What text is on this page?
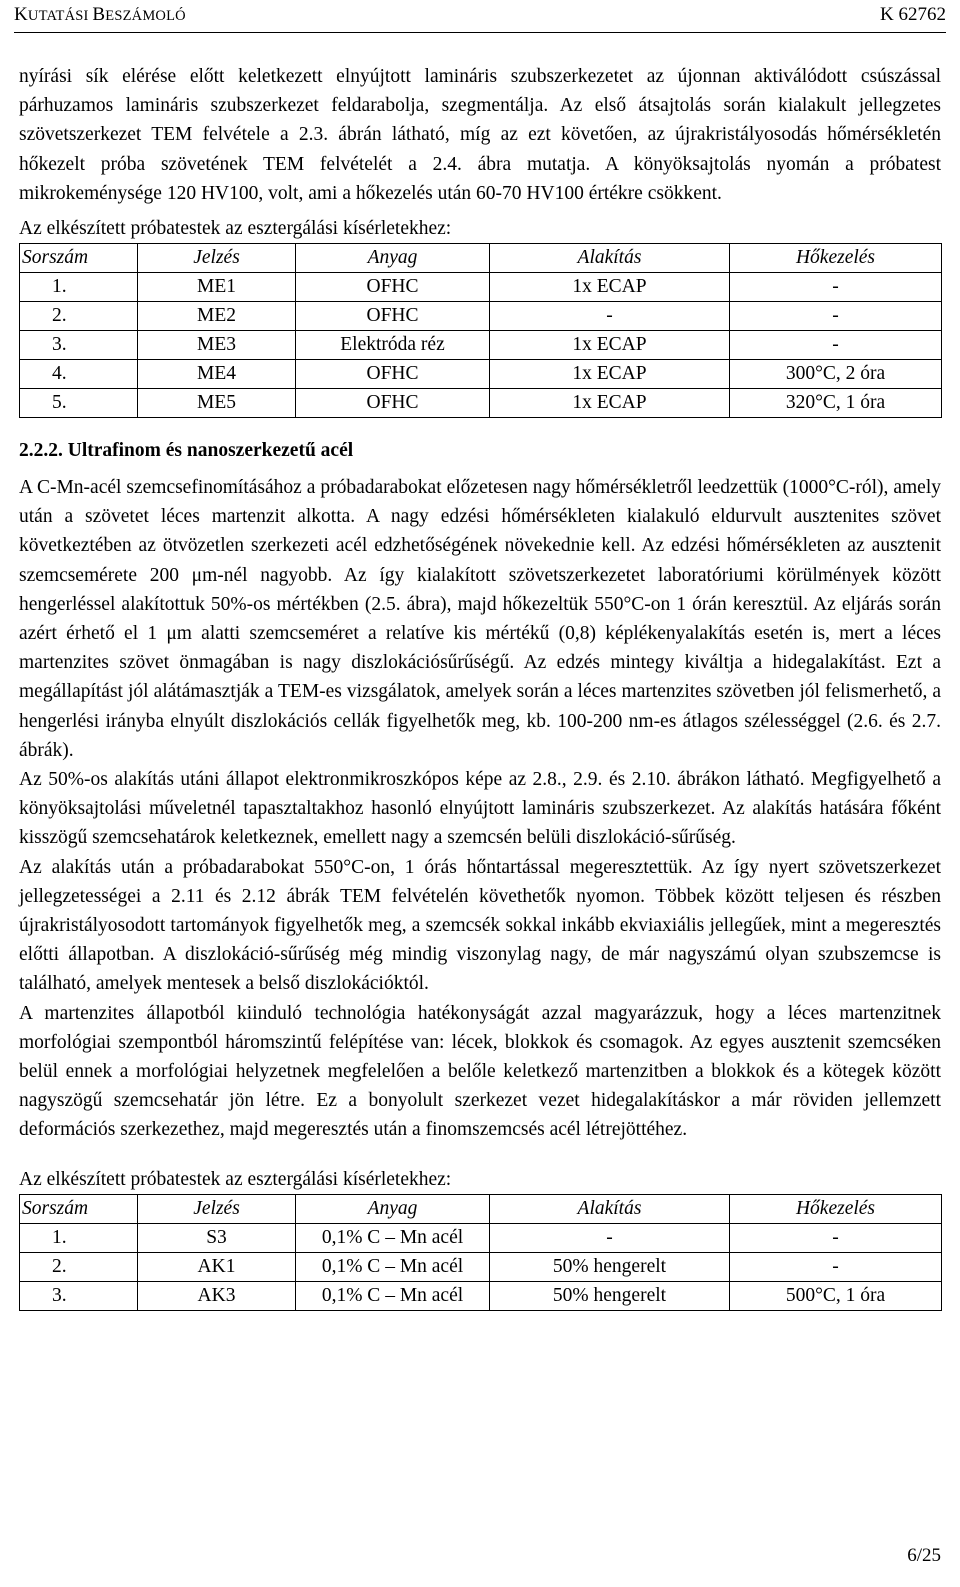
KUTATÁSI BESZÁMOLÓ	K 62762

nyírási sík elérése előtt keletkezett elnyújtott lamináris szubszerkezetet az újonnan aktiválódott csúszással párhuzamos lamináris szubszerkezet feldarabolja, szegmentálja. Az első átsajtolás során kialakult jellegzetes szövetszerkezet TEM felvétele a 2.3. ábrán látható, míg az ezt követően, az újrakristályosodás hőmérsékletén hőkezelt próba szövetének TEM felvételét a 2.4. ábra mutatja. A könyöksajtolás nyomán a próbatest mikrokeménysége 120 HV100, volt, ami a hőkezelés után 60-70 HV100 értékre csökkent.

Az elkészített próbatestek az esztergálási kísérletekhez:

Sorszám	Jelzés	Anyag	Alakítás	Hőkezelés
1.	ME1	OFHC	1x ECAP	-
2.	ME2	OFHC	-	-
3.	ME3	Elektróda réz	1x ECAP	-
4.	ME4	OFHC	1x ECAP	300°C, 2 óra
5.	ME5	OFHC	1x ECAP	320°C, 1 óra

2.2.2. Ultrafinom és nanoszerkezetű acél

A C-Mn-acél szemcsefinomításához a próbadarabokat előzetesen nagy hőmérsékletről leedzettük (1000°C-ról), amely után a szövetet léces martenzit alkotta. A nagy edzési hőmérsékleten kialakuló eldurvult ausztenites szövet következtében az ötvözetlen szerkezeti acél edzhetőségének növekednie kell. Az edzési hőmérsékleten az ausztenit szemcsemérete 200 μm-nél nagyobb. Az így kialakított szövetszerkezetet laboratóriumi körülmények között hengerléssel alakítottuk 50%-os mértékben (2.5. ábra), majd hőkezeltük 550°C-on 1 órán keresztül. Az eljárás során azért érhető el 1 μm alatti szemcseméret a relatíve kis mértékű (0,8) képlékenyalakítás esetén is, mert a léces martenzites szövet önmagában is nagy diszlokációsűrűségű. Az edzés mintegy kiváltja a hidegalakítást. Ezt a megállapítást jól alátámasztják a TEM-es vizsgálatok, amelyek során a léces martenzites szövetben jól felismerhető, a hengerlési irányba elnyúlt diszlokációs cellák figyelhetők meg, kb. 100-200 nm-es átlagos szélességgel (2.6. és 2.7. ábrák).

Az 50%-os alakítás utáni állapot elektronmikroszkópos képe az 2.8., 2.9. és 2.10. ábrákon látható. Megfigyelhető a könyöksajtolási műveletnél tapasztaltakhoz hasonló elnyújtott lamináris szubszerkezet. Az alakítás hatására főként kisszögű szemcsehatárok keletkeznek, emellett nagy a szemcsén belüli diszlokáció-sűrűség.

Az alakítás után a próbadarabokat 550°C-on, 1 órás hőntartással megeresztettük. Az így nyert szövetszerkezet jellegzetességei a 2.11 és 2.12 ábrák TEM felvételén követhetők nyomon. Többek között teljesen és részben újrakristályosodott tartományok figyelhetők meg, a szemcsék sokkal inkább ekviaxiális jellegűek, mint a megeresztés előtti állapotban. A diszlokáció-sűrűség még mindig viszonylag nagy, de már nagyszámú olyan szubszemcse is található, amelyek mentesek a belső diszlokációktól.

A martenzites állapotból kiinduló technológia hatékonyságát azzal magyarázzuk, hogy a léces martenzitnek morfológiai szempontból háromszintű felépítése van: lécek, blokkok és csomagok. Az egyes ausztenit szemcséken belül ennek a morfológiai helyzetnek megfelelően a belőle keletkező martenzitben a blokkok és a kötegek között nagyszögű szemcsehatár jön létre. Ez a bonyolult szerkezet vezet hidegalakításkor a már röviden jellemzett deformációs szerkezethez, majd megeresztés után a finomszemcsés acél létrejöttéhez.

Az elkészített próbatestek az esztergálási kísérletekhez:

Sorszám	Jelzés	Anyag	Alakítás	Hőkezelés
1.	S3	0,1% C – Mn acél	-	-
2.	AK1	0,1% C – Mn acél	50% hengerelt	-
3.	AK3	0,1% C – Mn acél	50% hengerelt	500°C, 1 óra
6/25
